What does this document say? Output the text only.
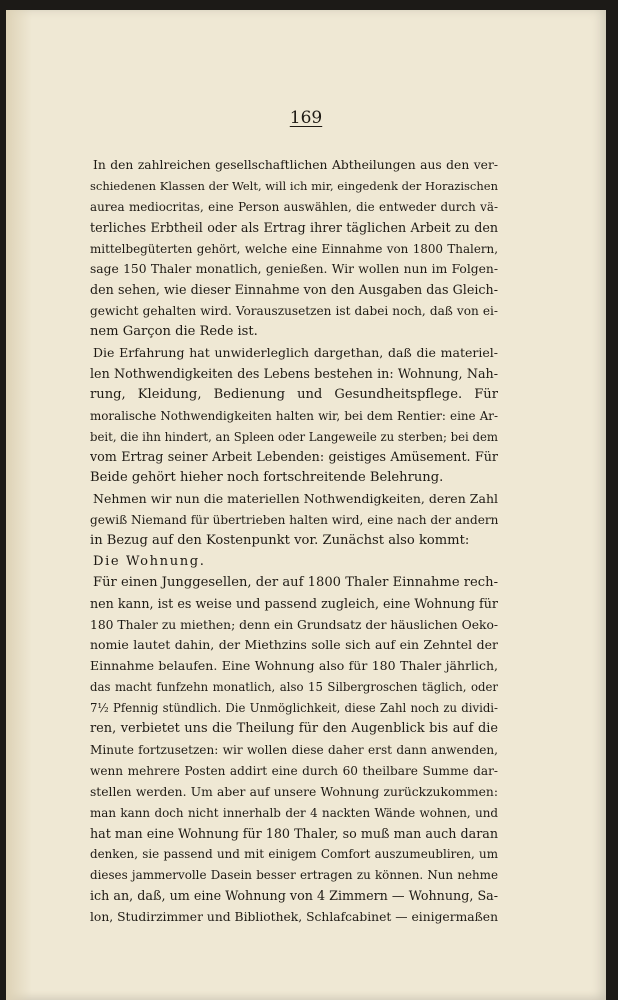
169
In den zahlreichen gesellschaftlichen Abtheilungen aus den ver-
schiedenen Klassen der Welt, will ich mir, eingedenk der Horazischen
aurea mediocritas, eine Person auswählen, die entweder durch vä-
terliches Erbtheil oder als Ertrag ihrer täglichen Arbeit zu den
mittelbegüterten gehört, welche eine Einnahme von 1800 Thalern,
sage 150 Thaler monatlich, genießen. Wir wollen nun im Folgen-
den sehen, wie dieser Einnahme von den Ausgaben das Gleich-
gewicht gehalten wird. Vorauszusetzen ist dabei noch, daß von ei-
nem Garçon die Rede ist.
Die Erfahrung hat unwiderleglich dargethan, daß die materiel-
len Nothwendigkeiten des Lebens bestehen in: Wohnung, Nah-
rung, Kleidung, Bedienung und Gesundheitspflege. Für
moralische Nothwendigkeiten halten wir, bei dem Rentier: eine Ar-
beit, die ihn hindert, an Spleen oder Langeweile zu sterben; bei dem
vom Ertrag seiner Arbeit Lebenden: geistiges Amüsement. Für
Beide gehört hieher noch fortschreitende Belehrung.
Nehmen wir nun die materiellen Nothwendigkeiten, deren Zahl
gewiß Niemand für übertrieben halten wird, eine nach der andern
in Bezug auf den Kostenpunkt vor. Zunächst also kommt:
Die Wohnung.
Für einen Junggesellen, der auf 1800 Thaler Einnahme rech-
nen kann, ist es weise und passend zugleich, eine Wohnung für
180 Thaler zu miethen; denn ein Grundsatz der häuslichen Oeko-
nomie lautet dahin, der Miethzins solle sich auf ein Zehntel der
Einnahme belaufen. Eine Wohnung also für 180 Thaler jährlich,
das macht funfzehn monatlich, also 15 Silbergroschen täglich, oder
7½ Pfennig stündlich. Die Unmöglichkeit, diese Zahl noch zu dividi-
ren, verbietet uns die Theilung für den Augenblick bis auf die
Minute fortzusetzen: wir wollen diese daher erst dann anwenden,
wenn mehrere Posten addirt eine durch 60 theilbare Summe dar-
stellen werden. Um aber auf unsere Wohnung zurückzukommen:
man kann doch nicht innerhalb der 4 nackten Wände wohnen, und
hat man eine Wohnung für 180 Thaler, so muß man auch daran
denken, sie passend und mit einigem Comfort auszumeubliren, um
dieses jammervolle Dasein besser ertragen zu können. Nun nehme
ich an, daß, um eine Wohnung von 4 Zimmern — Wohnung, Sa-
lon, Studirzimmer und Bibliothek, Schlafcabinet — einigermaßen
